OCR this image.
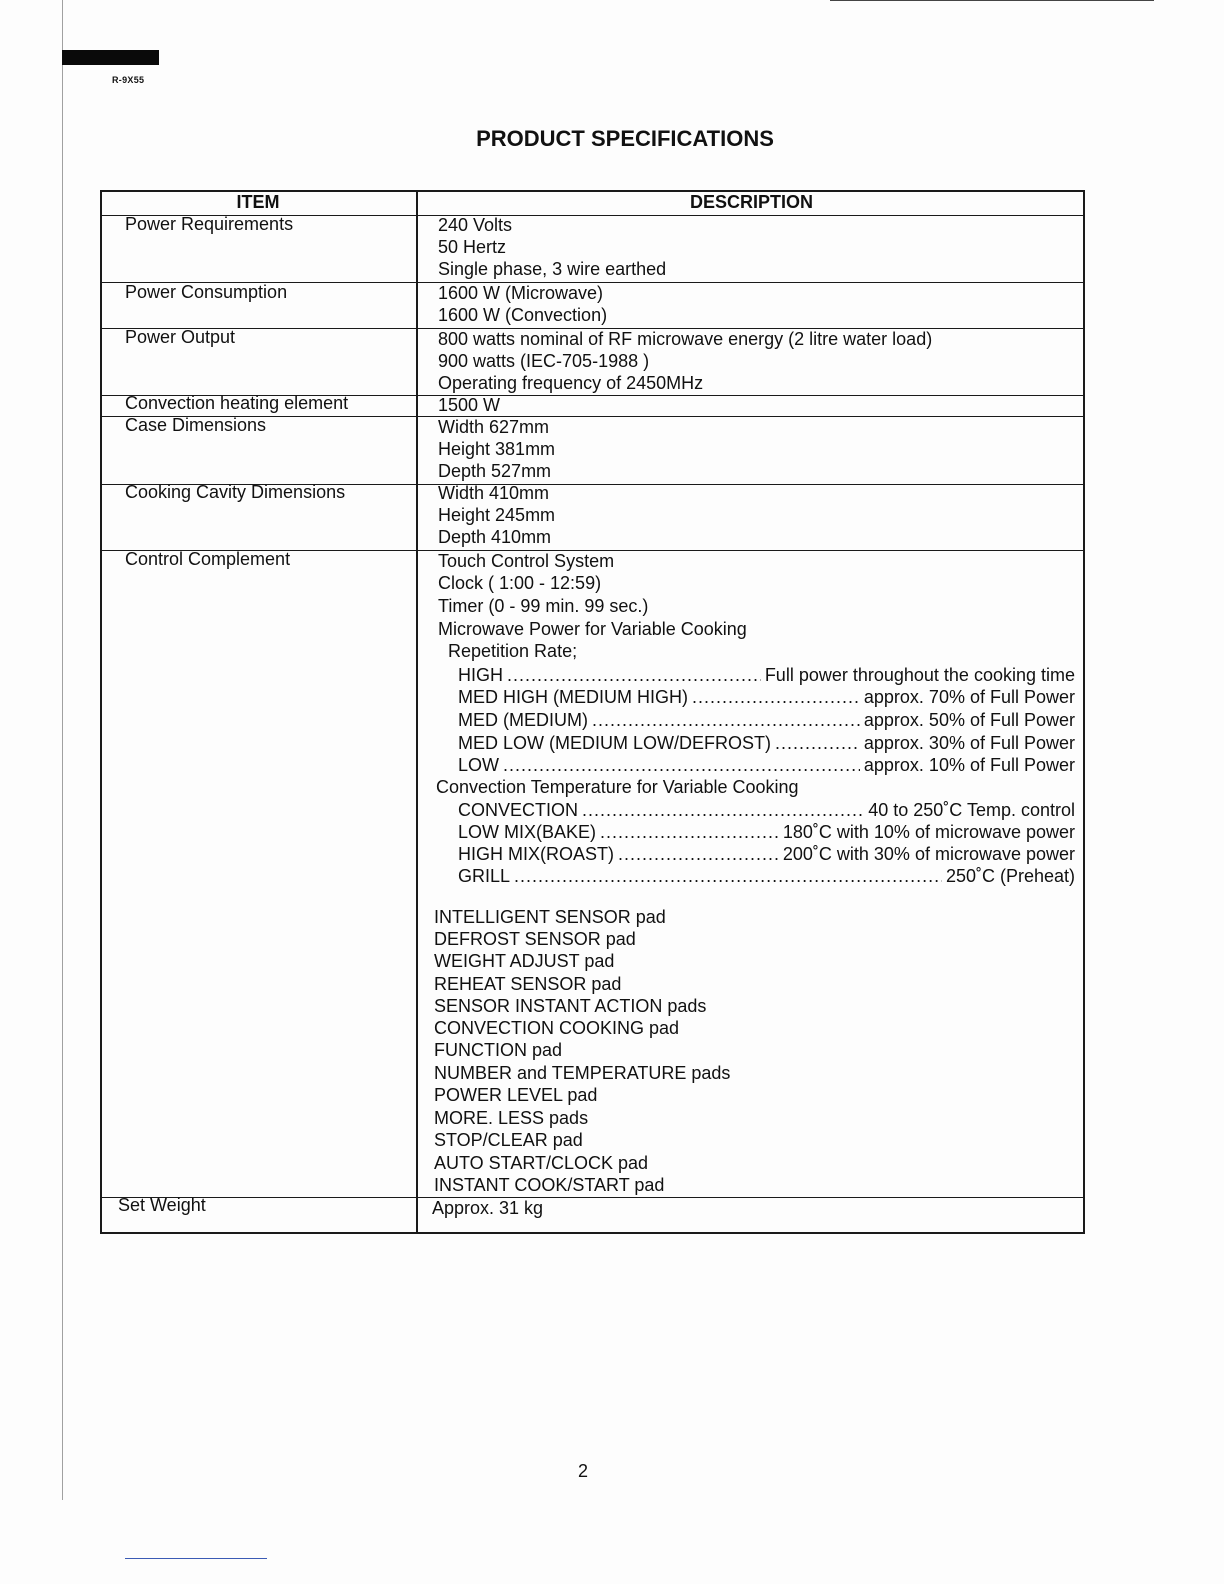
R-9X55
PRODUCT SPECIFICATIONS
ITEM	DESCRIPTION
Power Requirements	240 Volts
50 Hertz
Single phase, 3 wire earthed
Power Consumption	1600 W (Microwave)
1600 W (Convection)
Power Output	800 watts nominal of RF microwave energy (2 litre water load)
900 watts (IEC-705-1988 )
Operating frequency of 2450MHz
Convection heating element	1500 W
Case Dimensions	Width 627mm
Height 381mm
Depth 527mm
Cooking Cavity Dimensions	Width 410mm
Height 245mm
Depth 410mm
Control Complement	Touch Control System
Clock ( 1:00 - 12:59)
Timer (0 - 99 min. 99 sec.)
Microwave Power for Variable Cooking
Repetition Rate;
HIGH .....	Full power throughout the cooking time
MED HIGH (MEDIUM HIGH) .....	approx. 70% of Full Power
MED (MEDIUM) .....	approx. 50% of Full Power
MED LOW (MEDIUM LOW/DEFROST) .....	approx. 30% of Full Power
LOW .....	approx. 10% of Full Power
Convection Temperature for Variable Cooking
CONVECTION .....	40 to 250˚C Temp. control
LOW MIX(BAKE) .....	180˚C with 10% of microwave power
HIGH MIX(ROAST) .....	200˚C with 30% of microwave power
GRILL .....	250˚C (Preheat)
INTELLIGENT SENSOR pad
DEFROST SENSOR pad
WEIGHT ADJUST pad
REHEAT SENSOR pad
SENSOR INSTANT ACTION pads
CONVECTION COOKING pad
FUNCTION pad
NUMBER and TEMPERATURE pads
POWER LEVEL pad
MORE. LESS pads
STOP/CLEAR pad
AUTO START/CLOCK pad
INSTANT COOK/START pad
Set Weight	Approx. 31 kg
2
